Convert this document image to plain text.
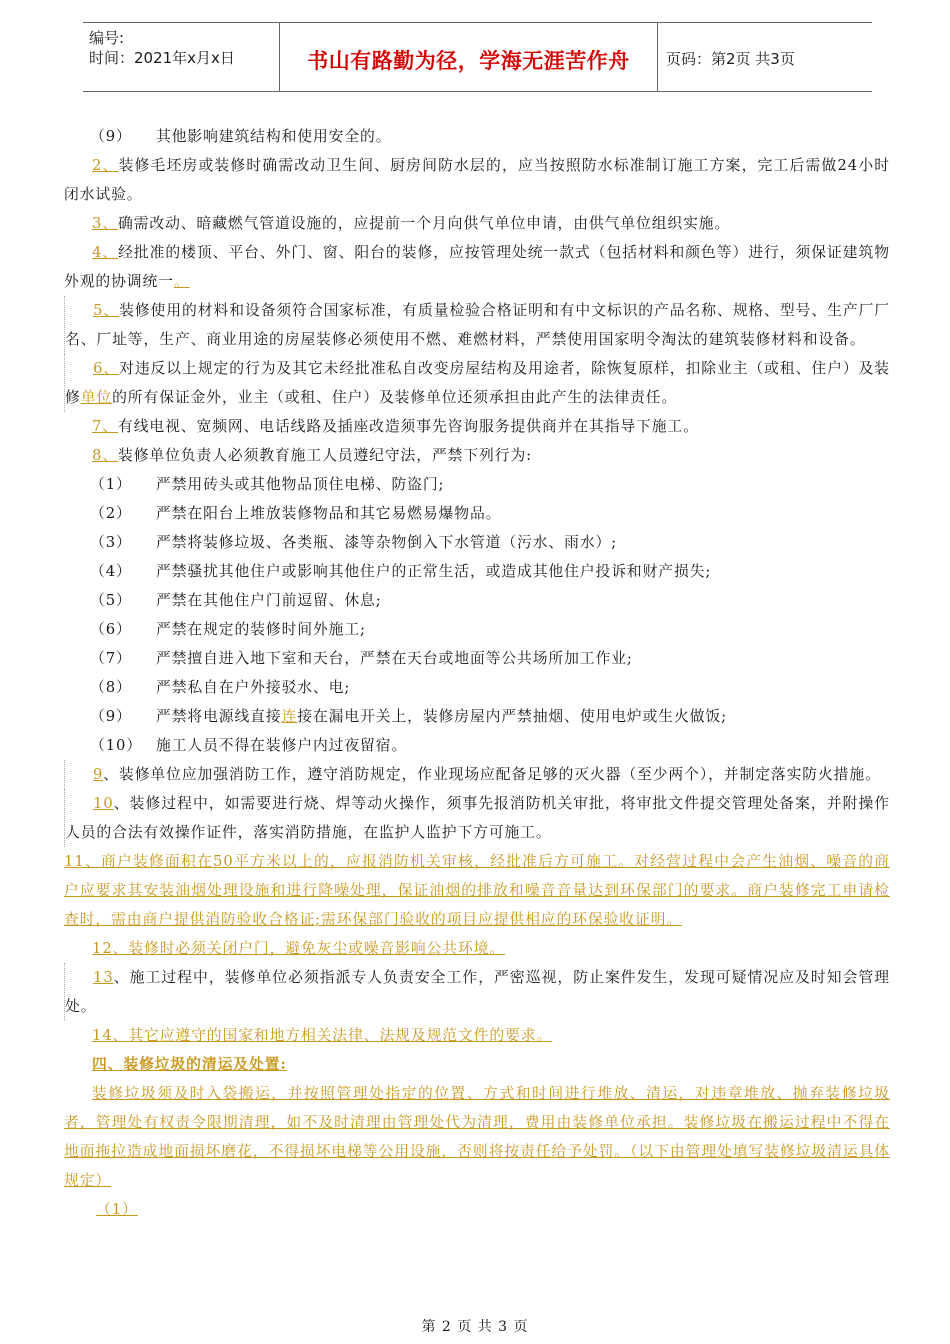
编号:
时间：2021年x月x日	书山有路勤为径，学海无涯苦作舟	页码：第2页 共3页

（9） 其他影响建筑结构和使用安全的。

2、装修毛坯房或装修时确需改动卫生间、厨房间防水层的，应当按照防水标准制订施工方案，完工后需做24小时闭水试验。

3、确需改动、暗藏燃气管道设施的，应提前一个月向供气单位申请，由供气单位组织实施。

4、经批准的楼顶、平台、外门、窗、阳台的装修，应按管理处统一款式（包括材料和颜色等）进行，须保证建筑物外观的协调统一。

5、装修使用的材料和设备须符合国家标准，有质量检验合格证明和有中文标识的产品名称、规格、型号、生产厂厂名、厂址等，生产、商业用途的房屋装修必须使用不燃、难燃材料，严禁使用国家明令淘汰的建筑装修材料和设备。

6、对违反以上规定的行为及其它未经批准私自改变房屋结构及用途者，除恢复原样，扣除业主（或租、住户）及装修单位的所有保证金外，业主（或租、住户）及装修单位还须承担由此产生的法律责任。

7、有线电视、宽频网、电话线路及插座改造须事先咨询服务提供商并在其指导下施工。

8、装修单位负责人必须教育施工人员遵纪守法，严禁下列行为:

（1） 严禁用砖头或其他物品顶住电梯、防盗门;

（2） 严禁在阳台上堆放装修物品和其它易燃易爆物品。

（3） 严禁将装修垃圾、各类瓶、漆等杂物倒入下水管道（污水、雨水）;

（4） 严禁骚扰其他住户或影响其他住户的正常生活，或造成其他住户投诉和财产损失;

（5） 严禁在其他住户门前逗留、休息;

（6） 严禁在规定的装修时间外施工;

（7） 严禁擅自进入地下室和天台，严禁在天台或地面等公共场所加工作业;

（8） 严禁私自在户外接驳水、电;

（9） 严禁将电源线直接连接在漏电开关上，装修房屋内严禁抽烟、使用电炉或生火做饭;

（10） 施工人员不得在装修户内过夜留宿。

9、装修单位应加强消防工作，遵守消防规定，作业现场应配备足够的灭火器（至少两个），并制定落实防火措施。

10、装修过程中，如需要进行烧、焊等动火操作，须事先报消防机关审批，将审批文件提交管理处备案，并附操作人员的合法有效操作证件，落实消防措施，在监护人监护下方可施工。

11、商户装修面积在50平方米以上的，应报消防机关审核，经批准后方可施工。对经营过程中会产生油烟、噪音的商户应要求其安装油烟处理设施和进行降噪处理，保证油烟的排放和噪音音量达到环保部门的要求。商户装修完工申请检查时，需由商户提供消防验收合格证;需环保部门验收的项目应提供相应的环保验收证明。

12、装修时必须关闭户门，避免灰尘或噪音影响公共环境。

13、施工过程中，装修单位必须指派专人负责安全工作，严密巡视，防止案件发生，发现可疑情况应及时知会管理处。

14、其它应遵守的国家和地方相关法律、法规及规范文件的要求。

四、装修垃圾的清运及处置:

装修垃圾须及时入袋搬运，并按照管理处指定的位置、方式和时间进行堆放、清运，对违章堆放、抛弃装修垃圾者，管理处有权责令限期清理，如不及时清理由管理处代为清理，费用由装修单位承担。装修垃圾在搬运过程中不得在地面拖拉造成地面损坏磨花，不得损坏电梯等公用设施，否则将按责任给予处罚。（以下由管理处填写装修垃圾清运具体规定）

（1）

第 2 页 共 3 页
